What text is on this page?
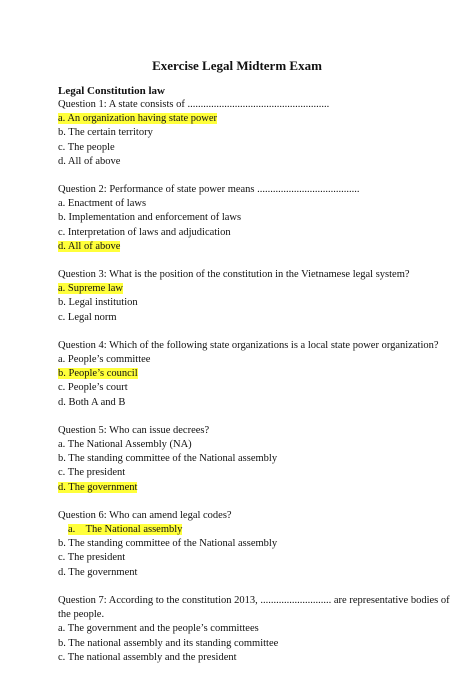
Exercise Legal Midterm Exam
Legal Constitution law
Question 1: A state consists of ......................................................
a. An organization having state power
b. The certain territory
c. The people
d. All of above
Question 2: Performance of state power means .......................................
a. Enactment of laws
b. Implementation and enforcement of laws
c. Interpretation of laws and adjudication
d. All of above
Question 3: What is the position of the constitution in the Vietnamese legal system?
a. Supreme law
b. Legal institution
c. Legal norm
Question 4: Which of the following state organizations is a local state power organization?
a. People’s committee
b. People’s council
c. People’s court
d. Both A and B
Question 5: Who can issue decrees?
a. The National Assembly (NA)
b. The standing committee of the National assembly
c. The president
d. The government
Question 6: Who can amend legal codes?
a.    The National assembly
b. The standing committee of the National assembly
c. The president
d. The government
Question 7: According to the constitution 2013, ........................... are representative bodies of
the people.
a. The government and the people’s committees
b. The national assembly and its standing committee
c. The national assembly and the president
